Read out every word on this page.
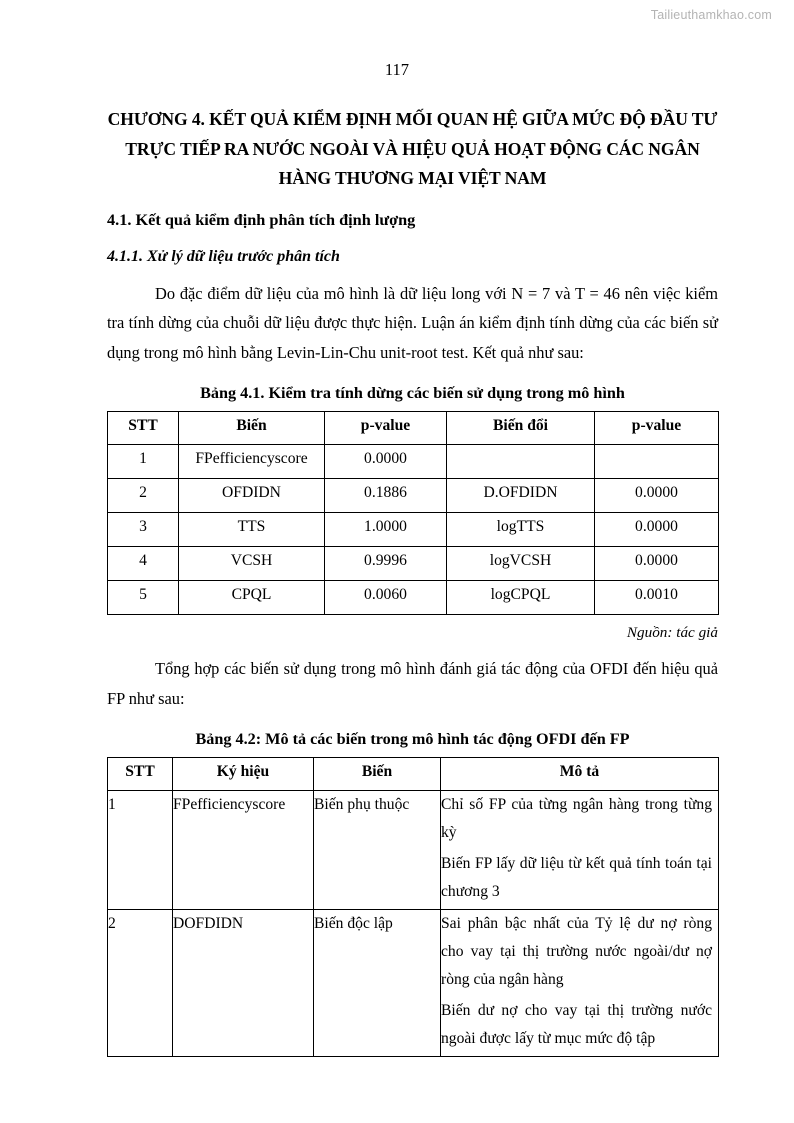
Tailieuthamkhao.com
117
CHƯƠNG 4. KẾT QUẢ KIỂM ĐỊNH MỐI QUAN HỆ GIỮA MỨC ĐỘ ĐẦU TƯ TRỰC TIẾP RA NƯỚC NGOÀI VÀ HIỆU QUẢ HOẠT ĐỘNG CÁC NGÂN HÀNG THƯƠNG MẠI VIỆT NAM
4.1. Kết quả kiểm định phân tích định lượng
4.1.1. Xử lý dữ liệu trước phân tích

Do đặc điểm dữ liệu của mô hình là dữ liệu long với N = 7 và T = 46 nên việc kiểm tra tính dừng của chuỗi dữ liệu được thực hiện. Luận án kiểm định tính dừng của các biến sử dụng trong mô hình bằng Levin-Lin-Chu unit-root test. Kết quả như sau:

Bảng 4.1. Kiểm tra tính dừng các biến sử dụng trong mô hình

STT	Biến	p-value	Biến đổi	p-value
1	FPefficiencyscore	0.0000		
2	OFDIDN	0.1886	D.OFDIDN	0.0000
3	TTS	1.0000	logTTS	0.0000
4	VCSH	0.9996	logVCSH	0.0000
5	CPQL	0.0060	logCPQL	0.0010

Nguồn: tác giả

Tổng hợp các biến sử dụng trong mô hình đánh giá tác động của OFDI đến hiệu quả FP như sau:

Bảng 4.2: Mô tả các biến trong mô hình tác động OFDI đến FP

STT	Ký hiệu	Biến	Mô tả
1	FPefficiencyscore	Biến phụ thuộc	Chỉ số FP của từng ngân hàng trong từng kỳ

Biến FP lấy dữ liệu từ kết quả tính toán tại chương 3

2	DOFDIDN	Biến độc lập	Sai phân bậc nhất của Tỷ lệ dư nợ ròng cho vay tại thị trường nước ngoài/dư nợ ròng của ngân hàng

Biến dư nợ cho vay tại thị trường nước ngoài được lấy từ mục mức độ tập
